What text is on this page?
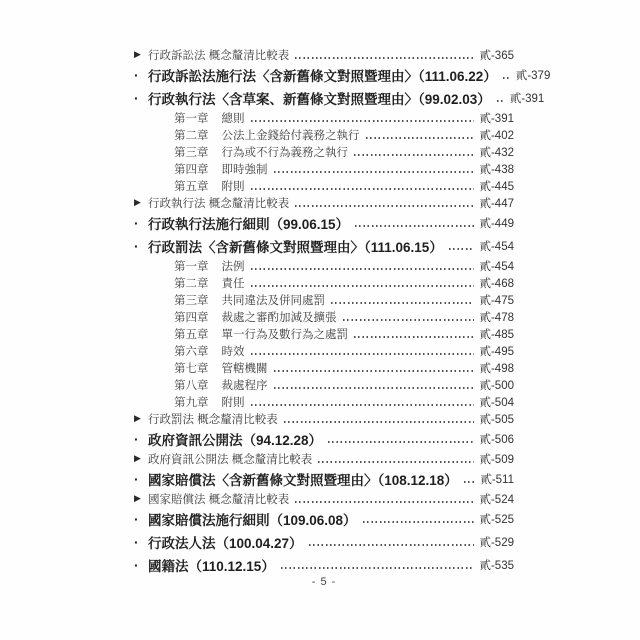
▶ 行政訴訟法 概念釐清比較表	貳-365
· 行政訴訟法施行法〈含新舊條文對照暨理由〉（111.06.22） 貳-379
· 行政執行法〈含草案、新舊條文對照暨理由〉（99.02.03） 貳-391
第一章 總則	貳-391
第二章 公法上金錢給付義務之執行	貳-402
第三章 行為或不行為義務之執行	貳-432
第四章 即時強制	貳-438
第五章 附則	貳-445
▶ 行政執行法 概念釐清比較表	貳-447
· 行政執行法施行細則（99.06.15）	貳-449
· 行政罰法〈含新舊條文對照暨理由〉（111.06.15）	貳-454
第一章 法例	貳-454
第二章 責任	貳-468
第三章 共同違法及併同處罰	貳-475
第四章 裁處之審酌加減及擴張	貳-478
第五章 單一行為及數行為之處罰	貳-485
第六章 時效	貳-495
第七章 管轄機關	貳-498
第八章 裁處程序	貳-500
第九章 附則	貳-504
▶ 行政罰法 概念釐清比較表	貳-505
· 政府資訊公開法（94.12.28）	貳-506
▶ 政府資訊公開法 概念釐清比較表	貳-509
· 國家賠償法〈含新舊條文對照暨理由〉（108.12.18） 貳-511
▶ 國家賠償法 概念釐清比較表	貳-524
· 國家賠償法施行細則（109.06.08）	貳-525
· 行政法人法（100.04.27）	貳-529
· 國籍法（110.12.15）	貳-535
- 5 -
